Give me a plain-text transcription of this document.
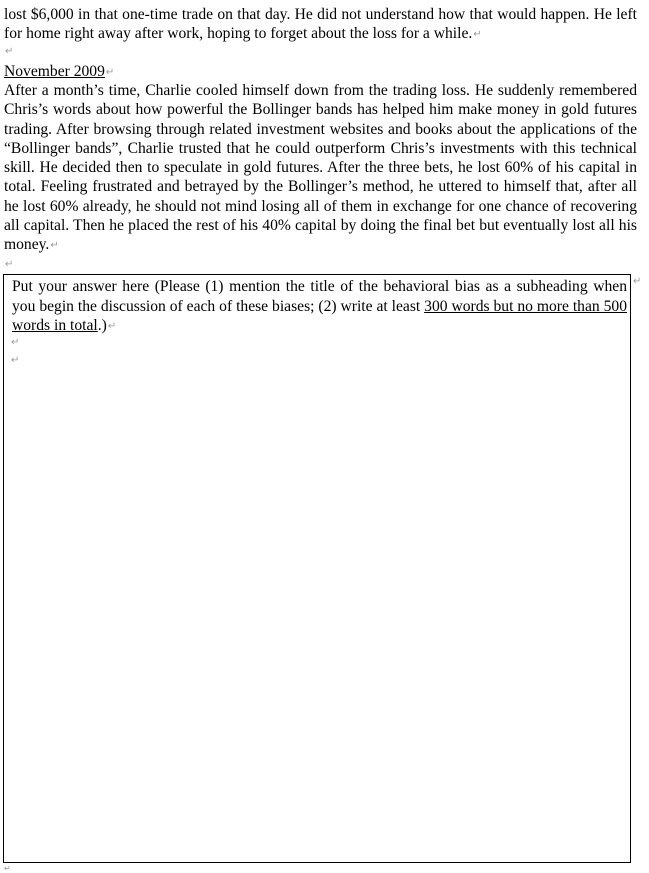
lost $6,000 in that one-time trade on that day. He did not understand how that would happen. He left for home right away after work, hoping to forget about the loss for a while.↵

↵

November 2009↵

After a month’s time, Charlie cooled himself down from the trading loss. He suddenly remembered Chris’s words about how powerful the Bollinger bands has helped him make money in gold futures trading. After browsing through related investment websites and books about the applications of the “Bollinger bands”, Charlie trusted that he could outperform Chris’s investments with this technical skill. He decided then to speculate in gold futures. After the three bets, he lost 60% of his capital in total. Feeling frustrated and betrayed by the Bollinger’s method, he uttered to himself that, after all he lost 60% already, he should not mind losing all of them in exchange for one chance of recovering all capital. Then he placed the rest of his 40% capital by doing the final bet but eventually lost all his money.↵

↵

Put your answer here (Please (1) mention the title of the behavioral bias as a subheading when you begin the discussion of each of these biases; (2) write at least 300 words but no more than 500 words in total.)↵

↵
↵
↵
↵
